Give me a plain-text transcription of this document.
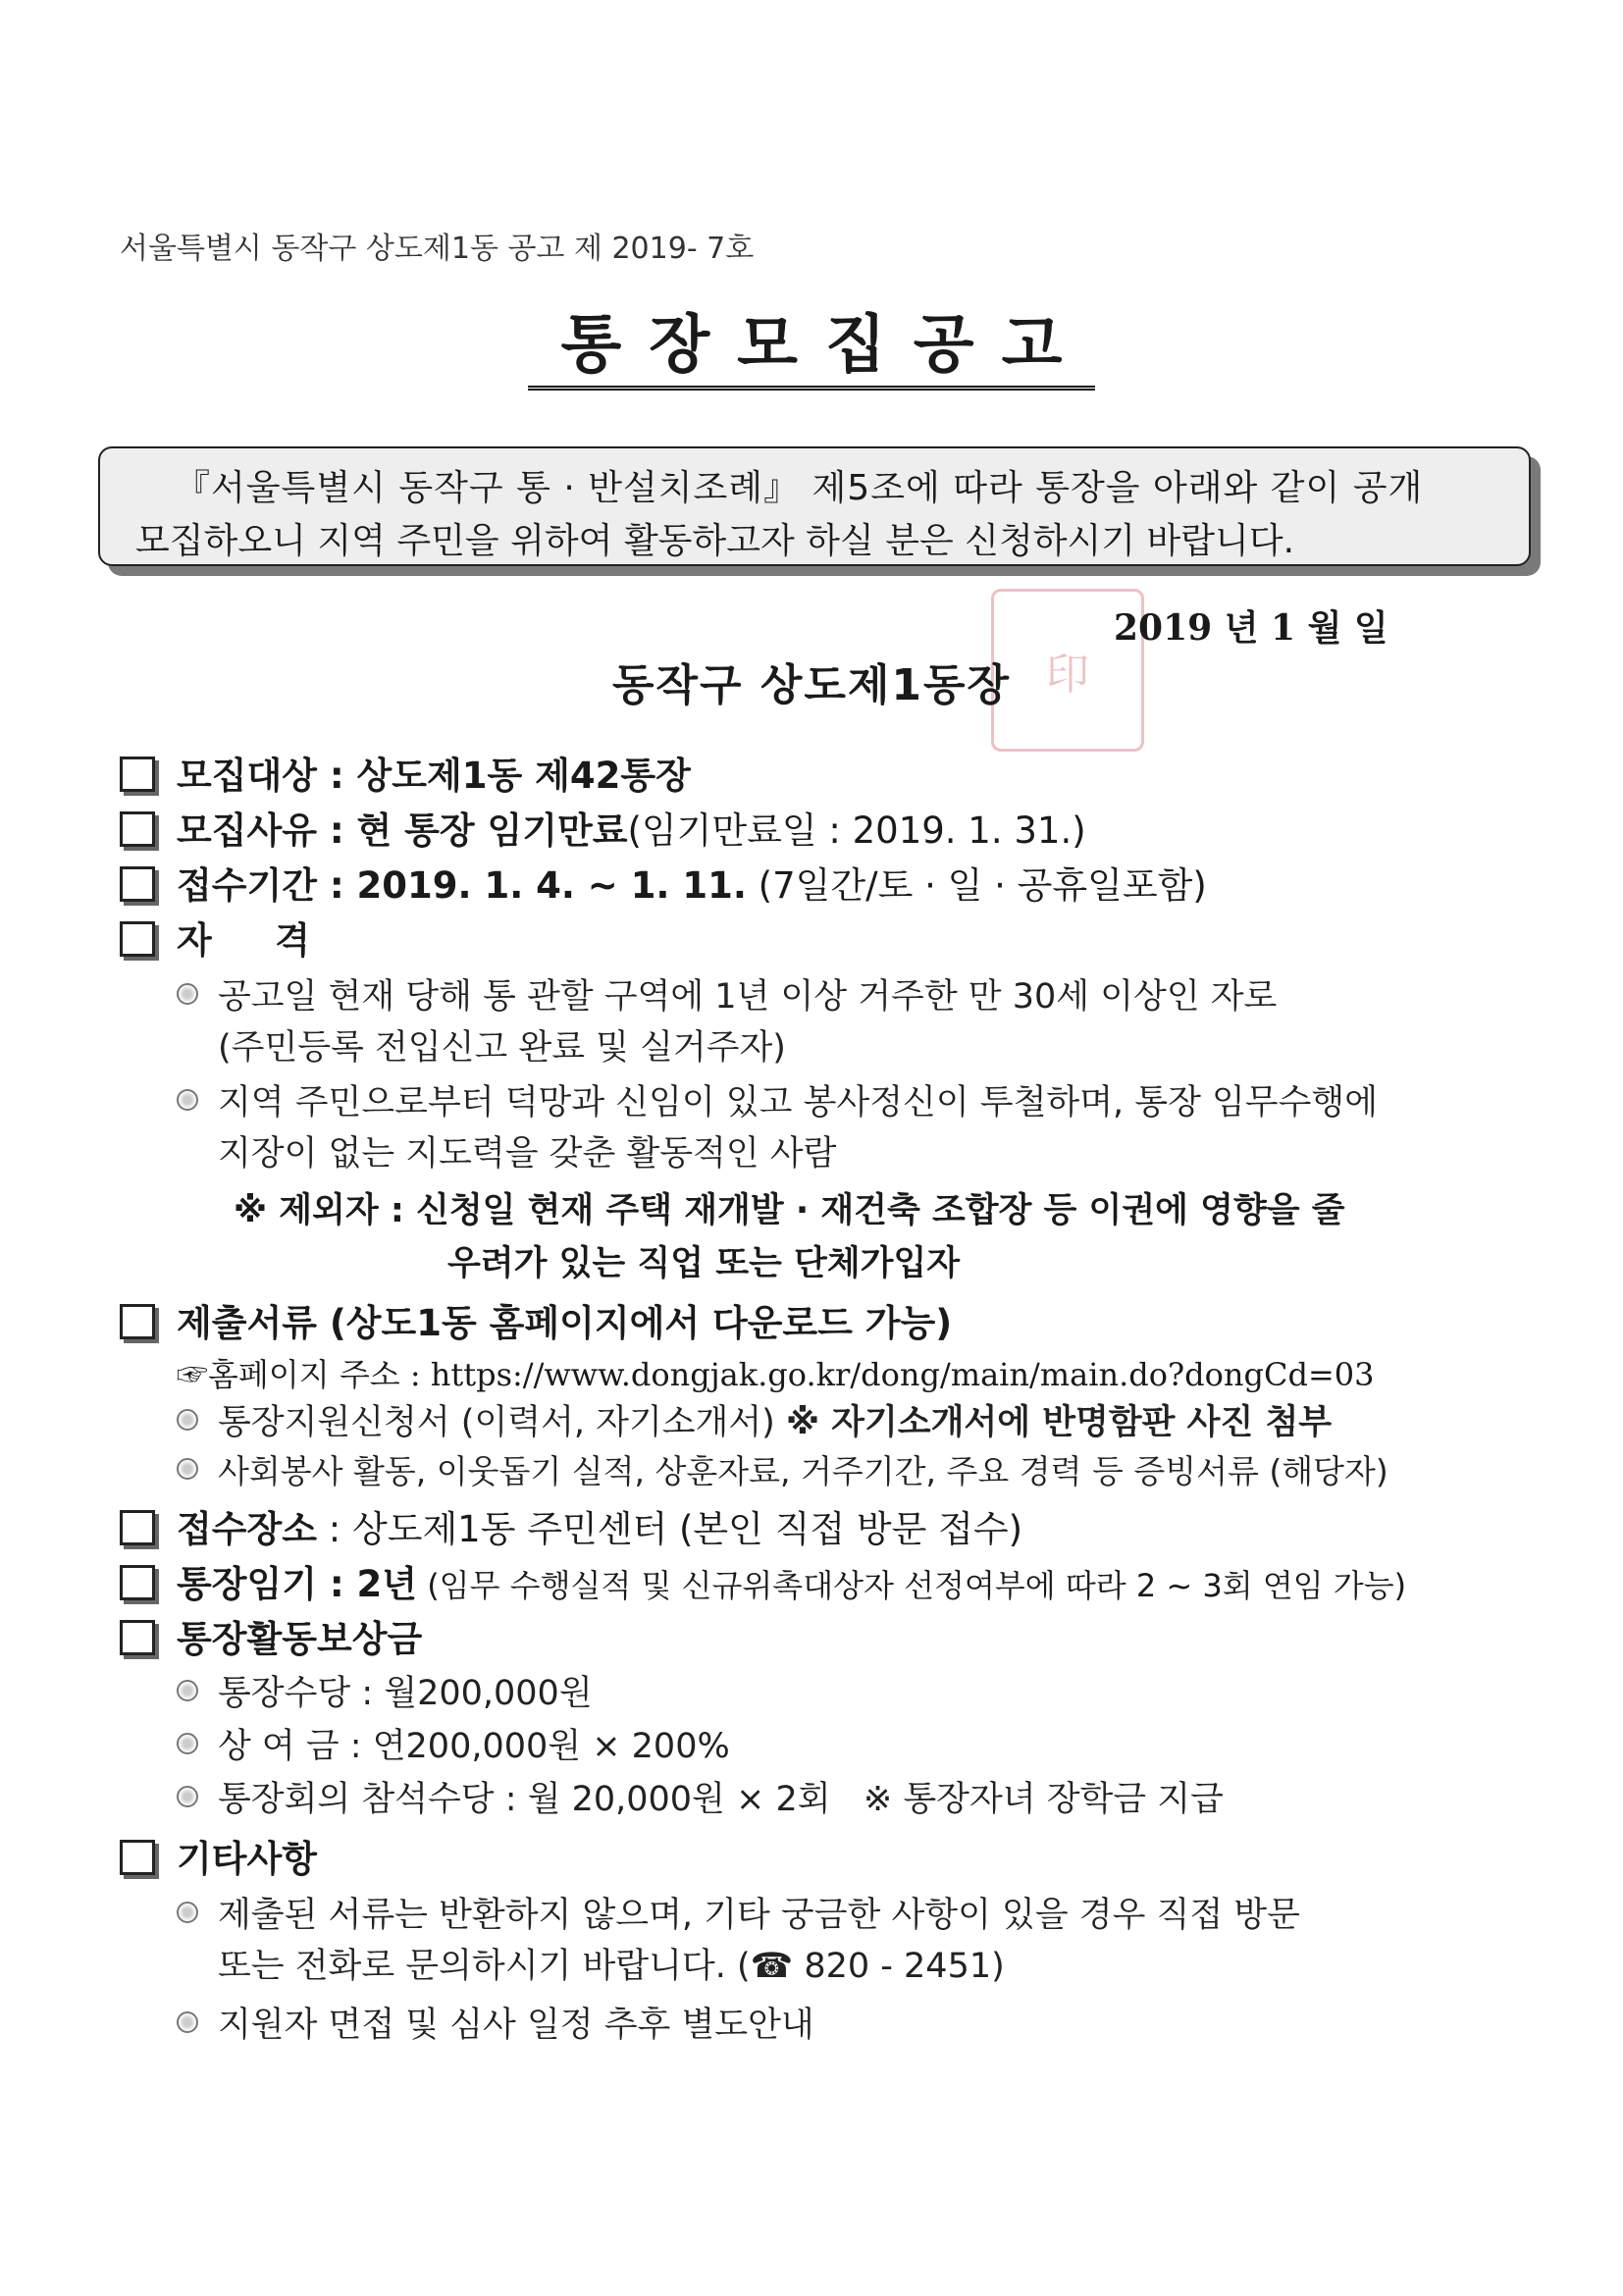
서울특별시 동작구 상도제1동 공고 제 2019- 7호
통장모집공고
『서울특별시 동작구 통 · 반설치조례』 제5조에 따라 통장을 아래와 같이 공개
모집하오니 지역 주민을 위하여 활동하고자 하실 분은 신청하시기 바랍니다.
印
2019 년 1 월 일
동작구 상도제1동장
모집대상 : 상도제1동 제42통장
모집사유 : 현 통장 임기만료(임기만료일 : 2019. 1. 31.)
접수기간 : 2019. 1. 4. ~ 1. 11. (7일간/토 · 일 · 공휴일포함)
자     격
공고일 현재 당해 통 관할 구역에 1년 이상 거주한 만 30세 이상인 자로
(주민등록 전입신고 완료 및 실거주자)
지역 주민으로부터 덕망과 신임이 있고 봉사정신이 투철하며, 통장 임무수행에
지장이 없는 지도력을 갖춘 활동적인 사람
※ 제외자 : 신청일 현재 주택 재개발 · 재건축 조합장 등 이권에 영향을 줄
우려가 있는 직업 또는 단체가입자
제출서류 (상도1동 홈페이지에서 다운로드 가능)
☞홈페이지 주소 : https://www.dongjak.go.kr/dong/main/main.do?dongCd=03
통장지원신청서 (이력서, 자기소개서) ※ 자기소개서에 반명함판 사진 첨부
사회봉사 활동, 이웃돕기 실적, 상훈자료, 거주기간, 주요 경력 등 증빙서류 (해당자)
접수장소 : 상도제1동 주민센터 (본인 직접 방문 접수)
통장임기 : 2년 (임무 수행실적 및 신규위촉대상자 선정여부에 따라 2 ~ 3회 연임 가능)
통장활동보상금
통장수당 : 월200,000원
상 여 금 : 연200,000원 × 200%
통장회의 참석수당 : 월 20,000원 × 2회   ※ 통장자녀 장학금 지급
기타사항
제출된 서류는 반환하지 않으며, 기타 궁금한 사항이 있을 경우 직접 방문
또는 전화로 문의하시기 바랍니다. (☎ 820 - 2451)
지원자 면접 및 심사 일정 추후 별도안내
